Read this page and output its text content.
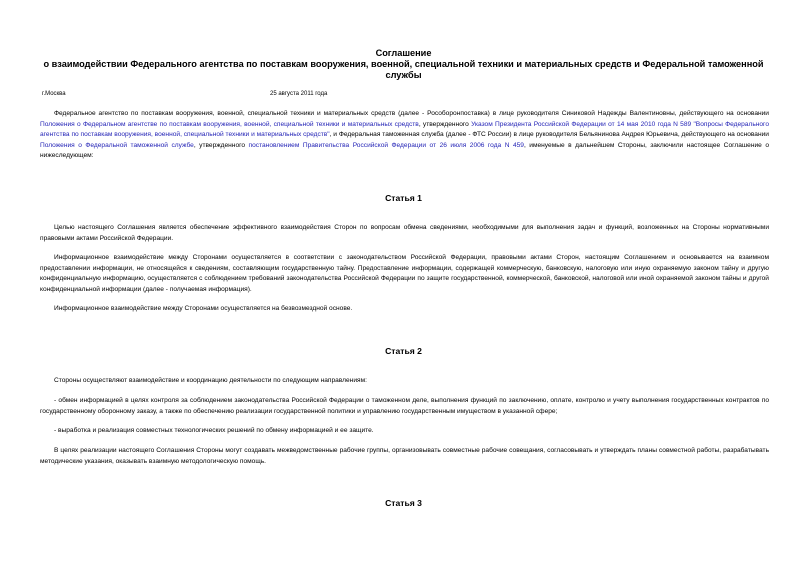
Соглашение
о взаимодействии Федерального агентства по поставкам вооружения, военной, специальной техники и материальных средств и Федеральной таможенной
службы
г.Москва	25 августа 2011 года
Федеральное агентство по поставкам вооружения, военной, специальной техники и материальных средств (далее - Рособоронпоставка) в лице руководителя Синиковой Надежды Валентиновны, действующего на основании Положения о Федеральном агентстве по поставкам вооружения, военной, специальной техники и материальных средств, утвержденного Указом Президента Российской Федерации от 14 мая 2010 года N 589 "Вопросы Федерального агентства по поставкам вооружения, военной, специальной техники и материальных средств", и Федеральная таможенная служба (далее - ФТС России) в лице руководителя Бельянинова Андрея Юрьевича, действующего на основании Положения о Федеральной таможенной службе, утвержденного постановлением Правительства Российской Федерации от 26 июля 2006 года N 459, именуемые в дальнейшем Стороны, заключили настоящее Соглашение о нижеследующем:
Статья 1
Целью настоящего Соглашения является обеспечение эффективного взаимодействия Сторон по вопросам обмена сведениями, необходимыми для выполнения задач и функций, возложенных на Стороны нормативными правовыми актами Российской Федерации.
Информационное взаимодействие между Сторонами осуществляется в соответствии с законодательством Российской Федерации, правовыми актами Сторон, настоящим Соглашением и основывается на взаимном предоставлении информации, не относящейся к сведениям, составляющим государственную тайну. Предоставление информации, содержащей коммерческую, банковскую, налоговую или иную охраняемую законом тайну и другую конфиденциальную информацию, осуществляется с соблюдением требований законодательства Российской Федерации по защите государственной, коммерческой, банковской, налоговой или иной охраняемой законом тайны и другой конфиденциальной информации (далее - получаемая информация).
Информационное взаимодействие между Сторонами осуществляется на безвозмездной основе.
Статья 2
Стороны осуществляют взаимодействие и координацию деятельности по следующим направлениям:
- обмен информацией в целях контроля за соблюдением законодательства Российской Федерации о таможенном деле, выполнения функций по заключению, оплате, контролю и учету выполнения государственных контрактов по государственному оборонному заказу, а также по обеспечению реализации государственной политики и управлению государственным имуществом в указанной сфере;
- выработка и реализация совместных технологических решений по обмену информацией и ее защите.
В целях реализации настоящего Соглашения Стороны могут создавать межведомственные рабочие группы, организовывать совместные рабочие совещания, согласовывать и утверждать планы совместной работы, разрабатывать методические указания, оказывать взаимную методологическую помощь.
Статья 3
